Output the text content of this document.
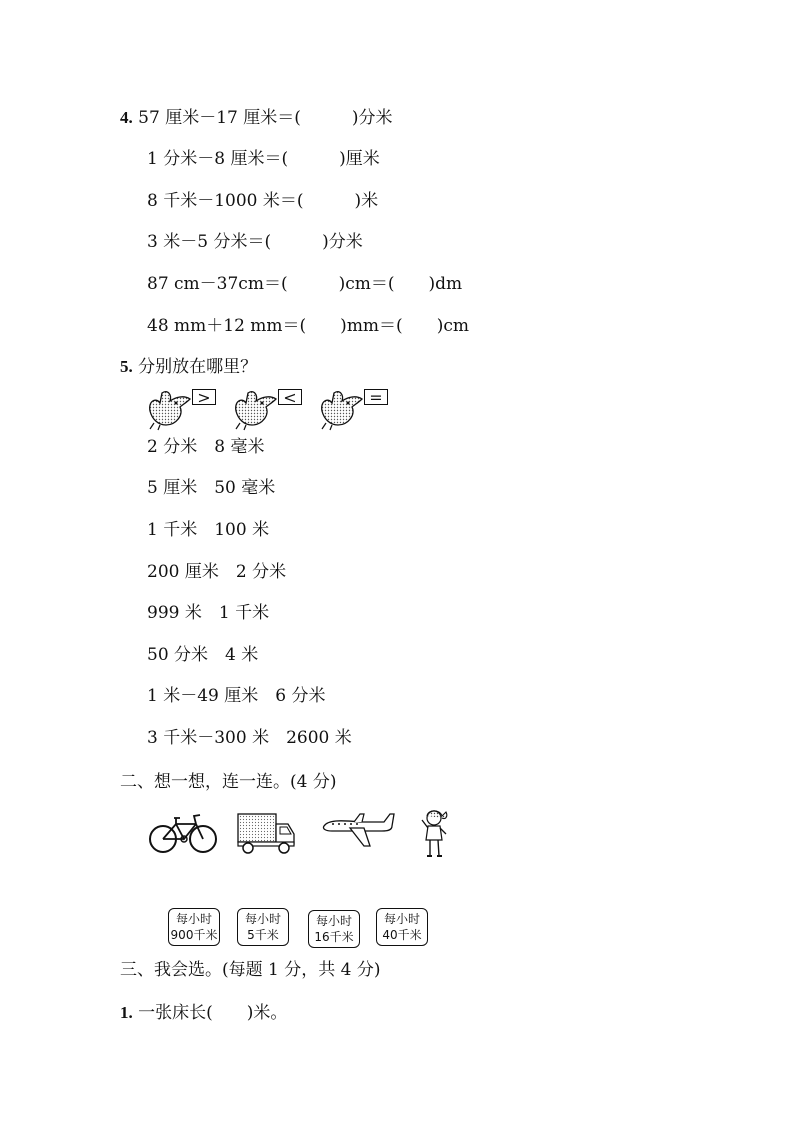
4. 57 厘米－17 厘米＝(　　　)分米
1 分米－8 厘米＝(　　　)厘米
8 千米－1000 米＝(　　　)米
3 米－5 分米＝(　　　)分米
87 cm－37cm＝(　　　)cm＝(　　)dm
48 mm＋12 mm＝(　　)mm＝(　　)cm
5. 分别放在哪里？
>	<	=
2 分米　8 毫米
5 厘米　50 毫米
1 千米　100 米
200 厘米　2 分米
999 米　1 千米
50 分米　4 米
1 米－49 厘米　6 分米
3 千米－300 米　2600 米
二、想一想，连一连。(4 分)
每小时
900千米
每小时
5千米
每小时
16千米
每小时
40千米
三、我会选。(每题 1 分，共 4 分)
1. 一张床长(　　)米。
